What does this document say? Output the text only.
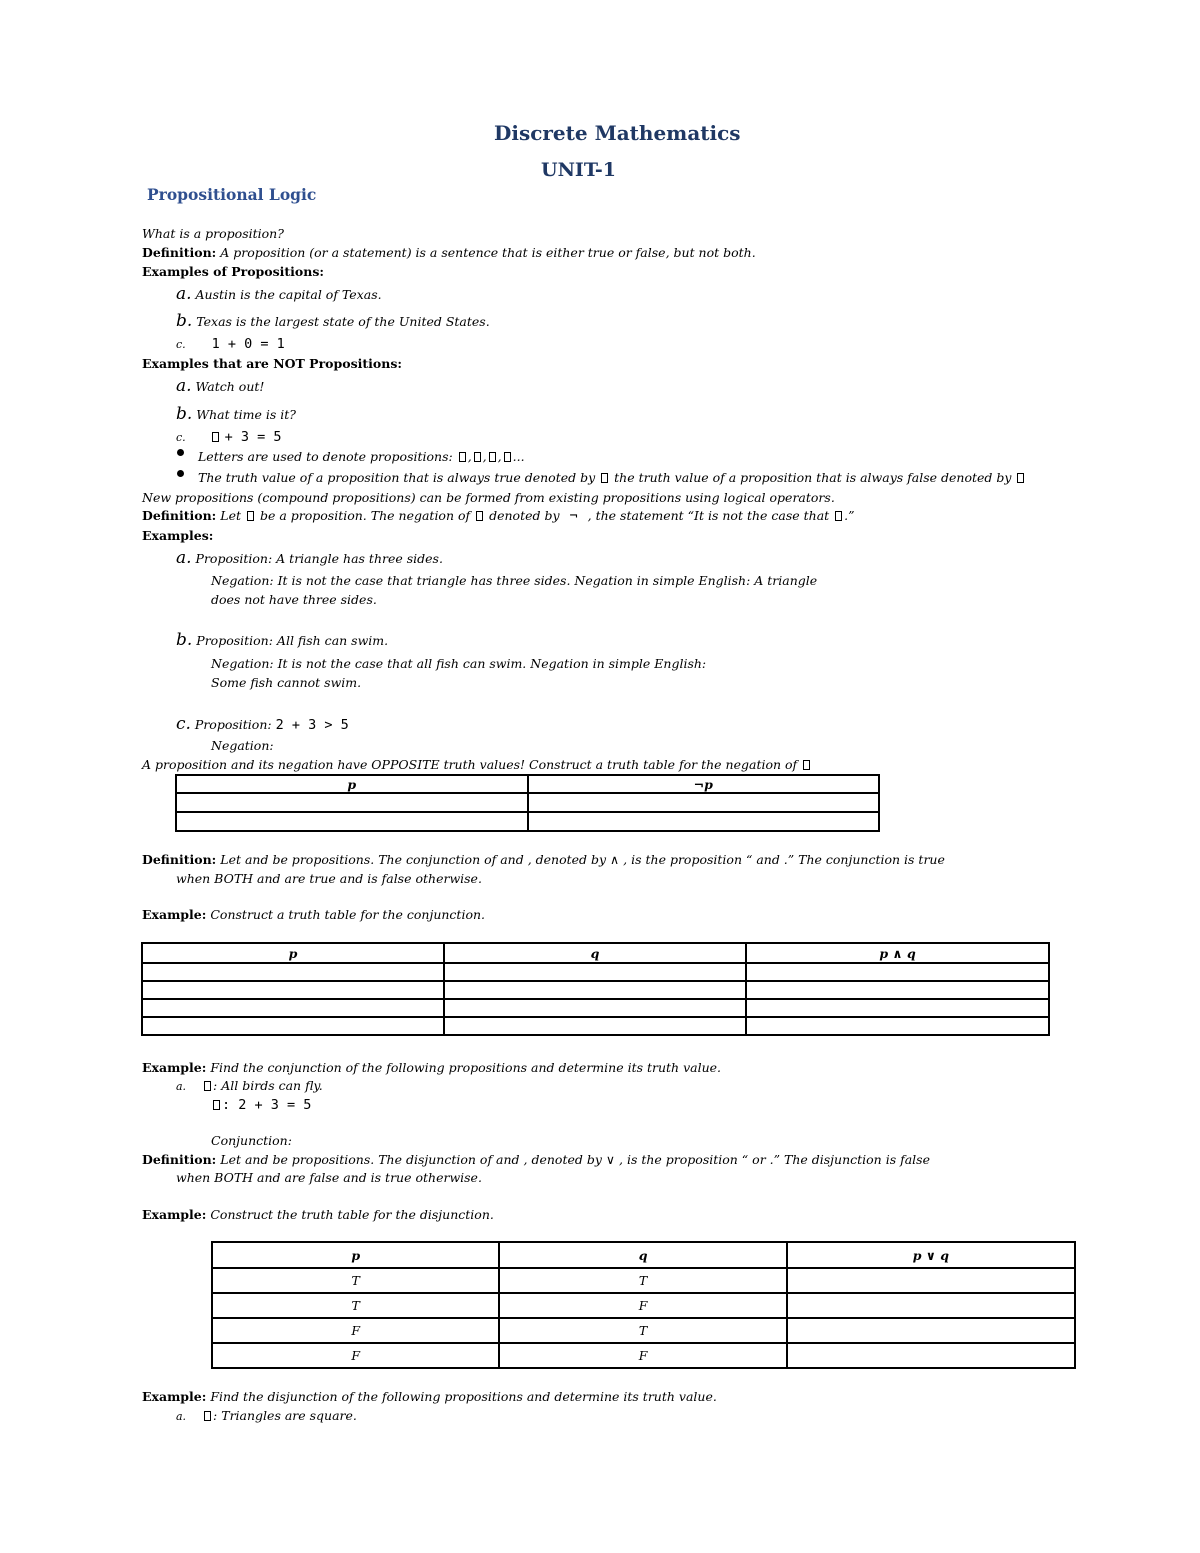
Discrete Mathematics
UNIT-1
Propositional Logic
What is a proposition?
Definition: A proposition (or a statement) is a sentence that is either true or false, but not both.
Examples of Propositions:
a. Austin is the capital of Texas.
b. Texas is the largest state of the United States.
c. 1 + 0 = 1
Examples that are NOT Propositions:
a. Watch out!
b. What time is it?
c.	+ 3 = 5
Letters are used to denote propositions: , , , ...
The truth value of a proposition that is always true denoted by the truth value of a proposition that is always false denoted by
New propositions (compound propositions) can be formed from existing propositions using logical operators.
Definition: Let be a proposition. The negation of denoted by ¬ , the statement “It is not the case that .”
Examples:
a. Proposition: A triangle has three sides.
Negation: It is not the case that triangle has three sides. Negation in simple English: A triangle
does not have three sides.
b. Proposition: All fish can swim.
Negation: It is not the case that all fish can swim. Negation in simple English:
Some fish cannot swim.
c. Proposition: 2 + 3 > 5
Negation:
A proposition and its negation have OPPOSITE truth values! Construct a truth table for the negation of
p	¬p

Definition: Let and be propositions. The conjunction of and , denoted by ∧ , is the proposition “ and .” The conjunction is true
when BOTH and are true and is false otherwise.
Example: Construct a truth table for the conjunction.
p	q	p ∧ q

Example: Find the conjunction of the following propositions and determine its truth value.
a. : All birds can fly.
: 2 + 3 = 5
Conjunction:
Definition: Let and be propositions. The disjunction of and , denoted by ∨ , is the proposition “ or .” The disjunction is false
when BOTH and are false and is true otherwise.
Example: Construct the truth table for the disjunction.
p	q	p ∨ q
T	T	
T	F	
F	T	
F	F	
Example: Find the disjunction of the following propositions and determine its truth value.
a. : Triangles are square.
